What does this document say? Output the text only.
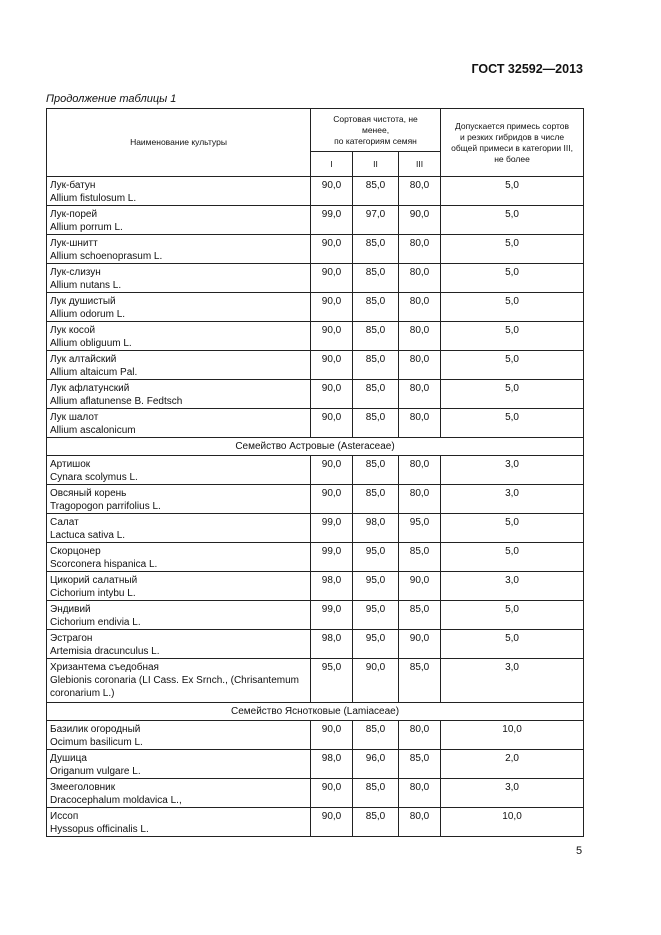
ГОСТ 32592—2013
Продолжение таблицы 1
Наименование культуры	Сортовая чистота, не
менее,
по категориям семян			Допускается примесь сортов
и резких гибридов в числе
общей примеси в категории III,
не более

	I	II	III	

Лук-батун
Allium fistulosum L.	90,0	85,0	80,0	5,0

Лук-порей
Allium porrum L.	99,0	97,0	90,0	5,0

Лук-шнитт
Allium schoenoprasum L.	90,0	85,0	80,0	5,0

Лук-слизун
Allium nutans L.	90,0	85,0	80,0	5,0

Лук душистый
Allium odorum L.	90,0	85,0	80,0	5,0

Лук косой
Allium obliguum L.	90,0	85,0	80,0	5,0

Лук алтайский
Allium altaicum Pal.	90,0	85,0	80,0	5,0

Лук афлатунский
Allium aflatunense B. Fedtsch	90,0	85,0	80,0	5,0

Лук шалот
Allium ascalonicum	90,0	85,0	80,0	5,0
Семейство Астровые (Asteraceae)				

Артишок
Cynara scolymus L.	90,0	85,0	80,0	3,0

Овсяный корень
Tragopogon parrifolius L.	90,0	85,0	80,0	3,0

Салат
Lactuca sativa L.	99,0	98,0	95,0	5,0

Скорцонер
Scorconera hispanica L.	99,0	95,0	85,0	5,0

Цикорий салатный
Cichorium intybu L.	98,0	95,0	90,0	3,0

Эндивий
Cichorium endivia L.	99,0	95,0	85,0	5,0

Эстрагон
Artemisia dracunculus L.	98,0	95,0	90,0	5,0

Хризантема съедобная
Glebionis coronaria (LI Cass. Ex Srnch., (Chrisantemum
coronarium L.)	95,0	90,0	85,0	3,0
Семейство Яснотковые (Lamiaceae)				

Базилик огородный
Ocimum basilicum L.	90,0	85,0	80,0	10,0

Душица
Origanum vulgare L.	98,0	96,0	85,0	2,0

Змееголовник
Dracocephalum moldavica L.,	90,0	85,0	80,0	3,0

Иссоп
Hyssopus officinalis L.	90,0	85,0	80,0	10,0
5
